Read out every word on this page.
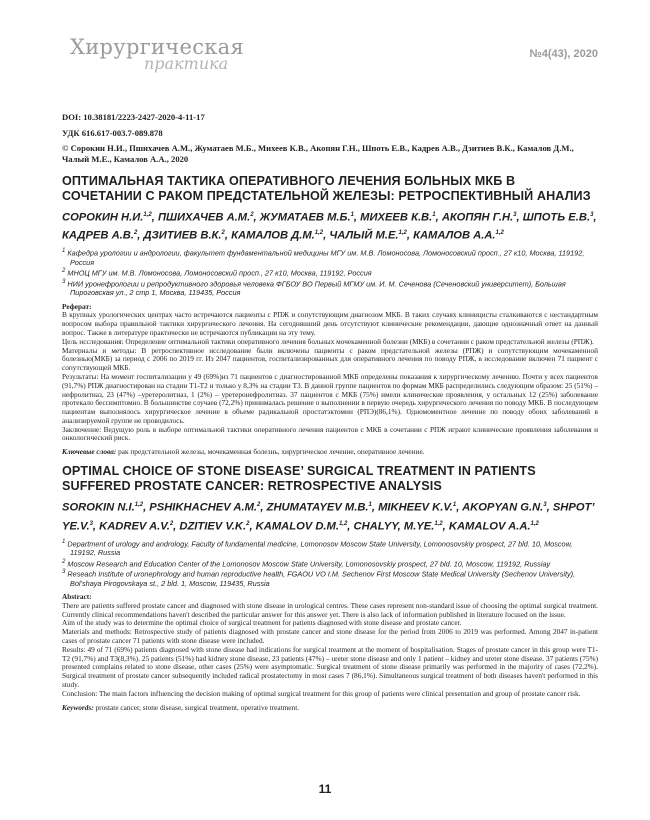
Хирургическая
практика	№4(43), 2020

DOI: 10.38181/2223-2427-2020-4-11-17

УДК 616.617-003.7-089.878

© Сорокин Н.И., Пшихачев А.М., Жуматаев М.Б., Михеев К.В., Акопян Г.Н., Шпоть Е.В., Кадрев А.В., Дзитиев В.К., Камалов Д.М., Чалый М.Е., Камалов А.А., 2020

ОПТИМАЛЬНАЯ ТАКТИКА ОПЕРАТИВНОГО ЛЕЧЕНИЯ БОЛЬНЫХ МКБ В СОЧЕТАНИИ С РАКОМ ПРЕДСТАТЕЛЬНОЙ ЖЕЛЕЗЫ: РЕТРОСПЕКТИВНЫЙ АНАЛИЗ

СОРОКИН Н.И.$^{1,2}$, ПШИХАЧЕВ А.М.$^2$, ЖУМАТАЕВ М.Б.$^1$, МИХЕЕВ К.В.$^1$, АКОПЯН Г.Н.$^3$, ШПОТЬ Е.В.$^3$, КАДРЕВ А.В.$^2$, ДЗИТИЕВ В.К.$^2$, КАМАЛОВ Д.М.$^{1,2}$, ЧАЛЫЙ М.Е.$^{1,2}$, КАМАЛОВ А.А.$^{1,2}$

$^1$ Кафедра урологии и андрологии, факультет фундаментальной медицины МГУ им. М.В. Ломоносова, Ломоносовский просп., 27 к10, Москва, 119192, Россия
$^2$ МНОЦ МГУ им. М.В. Ломоносова, Ломоносовский просп., 27 к10, Москва, 119192, Россия
$^3$ НИИ уронефрологии и репродуктивного здоровья человека ФГБОУ ВО Первый МГМУ им. И. М. Сеченова (Сеченовский университет), Большая Пироговская ул., 2 стр 1, Москва, 119435, Россия

Реферат:

В крупных урологических центрах часто встречаются пациенты с РПЖ и сопутствующим диагнозом МКБ. В таких случаях клиницисты сталкиваются с нестандартным вопросом выбора правильной тактики хирургического лечения. На сегодняшний день отсутствуют клинические рекомендации, дающие однозначный ответ на данный вопрос. Также в литературе практически не встречаются публикации на эту тему.

Цель исследования: Определение оптимальной тактики оперативного лечения больных мочекаменной болезни (МКБ) в сочетании с раком предстательной железы (РПЖ).

Материалы и методы: В ретроспективное исследование были включены пациенты с раком предстательной железы (РПЖ) и сопутствующим мочекаменной болезнью(МКБ) за период с 2006 по 2019 гг. Из 2047 пациентов, госпитализированных для оперативного лечения по поводу РПЖ, в исследование включен 71 пациент с сопутствующей МКБ.

Результаты: На момент госпитализации у 49 (69%)из 71 пациентов с диагностированной МКБ определены показания к хирургическому лечению. Почти у всех пациентов (91,7%) РПЖ диагностирован на стадии T1-T2 и только у 8,3% на стадии T3. В данной группе пациентов по формам МКБ распределились следующим образом: 25 (51%) – нефролитиаз, 23 (47%) –уретеролитиаз, 1 (2%) – уретеронефролитиаз. 37 пациентов с МКБ (75%) имели клинические проявления, у остальных 12 (25%) заболевание протекало бессимптомно. В большинстве случаев (72,2%) принималась решение о выполнении в первую очередь хирургического лечения по поводу МКБ. В последующем пациентам выполнялось хирургическое лечение в объеме радикальной простатэктомии (РПЭ)(86,1%). Одномоментное лечение по поводу обоих заболеваний в анализируемой группе не проводилось.

Заключение: Ведущую роль в выборе оптимальной тактики оперативного лечения пациентов с МКБ в сочетании с РПЖ играют клинические проявления заболевания и онкологический риск.

Ключевые слова: рак предстательной железы, мочекаменная болезнь, хирургическое лечение, оперативное лечение.

OPTIMAL CHOICE OF STONE DISEASE’ SURGICAL TREATMENT IN PATIENTS SUFFERED PROSTATE CANCER: RETROSPECTIVE ANALYSIS

SOROKIN N.I.$^{1,2}$, PSHIKHACHEV A.M.$^2$, ZHUMATAYEV M.B.$^1$, MIKHEEV K.V.$^1$, AKOPYAN G.N.$^3$, SHPOT’ YE.V.$^3$, KADREV A.V.$^2$, DZITIEV V.K.$^2$, KAMALOV D.M.$^{1,2}$, CHALYY, M.YE.$^{1,2}$, KAMALOV A.A.$^{1,2}$

$^1$ Department of urology and andrology, Faculty of fundamental medicine, Lomonosov Moscow State University, Lomonosovskiy prospect, 27 bld. 10, Moscow, 119192, Russia
$^2$ Moscow Research and Education Center of the Lomonosov Moscow State University, Lomonosovskiy prospect, 27 bld. 10, Moscow, 119192, Russiay
$^3$ Reseach Institute of uronephrology and human reproductive health, FGAOU VO I.M. Sechenov First Moscow State Medical University (Sechenov University), Bol’shaya Pirogovskaya st., 2 bld. 1, Moscow, 119435, Russia

Abstract:

There are patients suffered prostate cancer and diagnosed with stone disease in urological centres. These cases represent non-standard issue of choosing the optimal surgical treatment. Currently clinical recommendations haven't described the particular answer for this answer yet. There is also lack of information published in literature focused on the issue.

Aim of the study was to determine the optimal choice of surgical treatment for patients diagnosed with stone disease and prostate cancer.

Materials and methods: Retrospective study of patients diagnosed with prostate cancer and stone disease for the period from 2006 to 2019 was performed. Among 2047 in-patient cases of prostate cancer 71 patients with stone disease were included.

Results: 49 of 71 (69%) patients diagnosed with stone disease had indications for surgical treatment at the moment of hospitalisation. Stages of prostate cancer in this group were T1-T2 (91,7%) and T3(8,3%). 25 patients (51%) had kidney stone disease, 23 patients (47%) – ureter stone disease and only 1 patient – kidney and ureter stone disease. 37 patients (75%) presented complains related to stone disease, other cases (25%) were asymptomatic. Surgical treatment of stone disease primarily was performed in the majority of cases (72,2%). Surgical treatment of prostate cancer subsequently included radical prostatectomy in most cases 7 (86,1%). Simultaneous surgical treatment of both diseases haven't performed in this study.

Conclusion: The main factors influencing the decision making of optimal surgical treatment for this group of patients were clinical presentation and group of prostate cancer risk.

Keywords: prostate cancer, stone disease, surgical treatment, operative treatment.

11
